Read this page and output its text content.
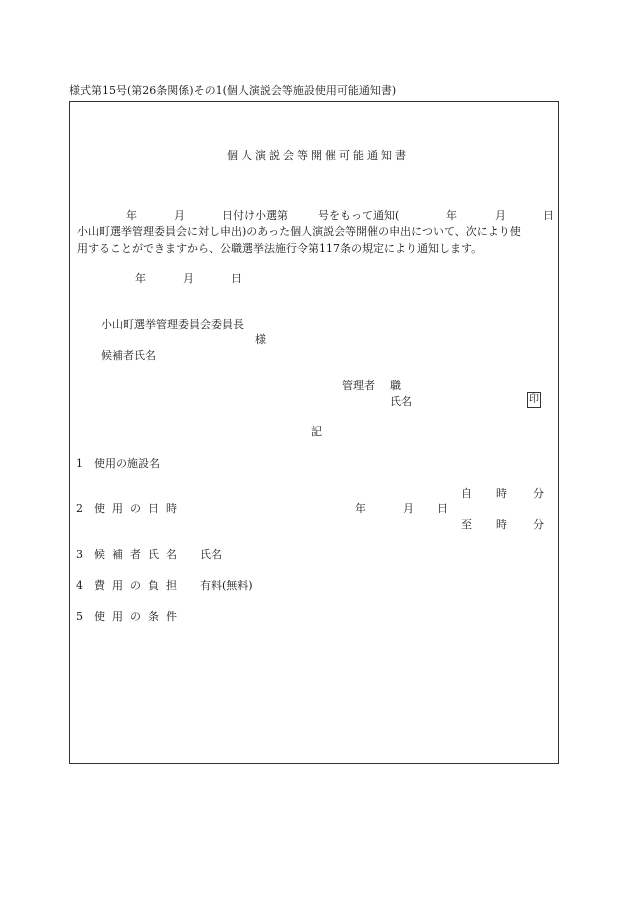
様式第15号(第26条関係)その1(個人演説会等施設使用可能通知書)
個人演説会等開催可能通知書
年	月	日付け小選第	号をもって通知(	年	月	日
小山町選挙管理委員会に対し申出)のあった個人演説会等開催の申出について、次により使
用することができますから、公職選挙法施行令第117条の規定により通知します。
年	月	日
小山町選挙管理委員会委員長
様
候補者氏名
管理者 職
氏名	印
記
1 使用の施設名
自 時 分
2 使用の日時	年	月 日
至 時 分
3 候補者氏名 氏名
4 費用の負担 有料(無料)
5 使用の条件
